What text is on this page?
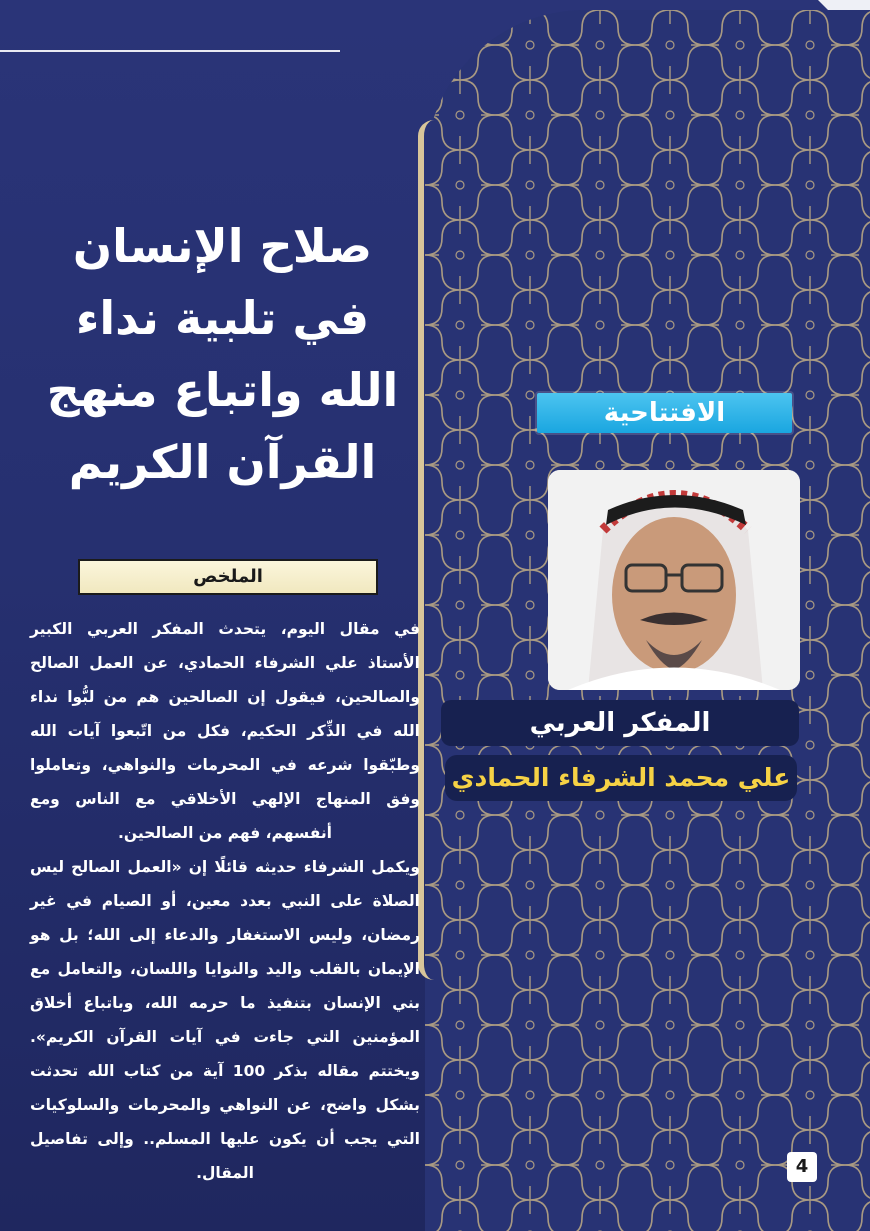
صلاح الإنسان
في تلبية نداء
الله واتباع منهج
القرآن الكريم
الملخص

في مقال اليوم، يتحدث المفكر العربي الكبير الأستاذ علي الشرفاء الحمادي، عن العمل الصالح والصالحين، فيقول إن الصالحين هم من لبُّوا نداء الله في الذِّكر الحكيم، فكل من اتّبعوا آيات الله وطبّقوا شرعه في المحرمات والنواهي، وتعاملوا وفق المنهاج الإلهي الأخلاقي مع الناس ومع أنفسهم، فهم من الصالحين.

ويكمل الشرفاء حديثه قائلًا إن «العمل الصالح ليس الصلاة على النبي بعدد معين، أو الصيام في غير رمضان، وليس الاستغفار والدعاء إلى الله؛ بل هو الإيمان بالقلب واليد والنوايا واللسان، والتعامل مع بني الإنسان بتنفيذ ما حرمه الله، وباتباع أخلاق المؤمنين التي جاءت في آيات القرآن الكريم». ويختتم مقاله بذكر 100 آية من كتاب الله تحدثت بشكل واضح، عن النواهي والمحرمات والسلوكيات التي يجب أن يكون عليها المسلم.. وإلى تفاصيل المقال.

الافتتاحية
المفكر العربي
علي محمد الشرفاء الحمادي
4
